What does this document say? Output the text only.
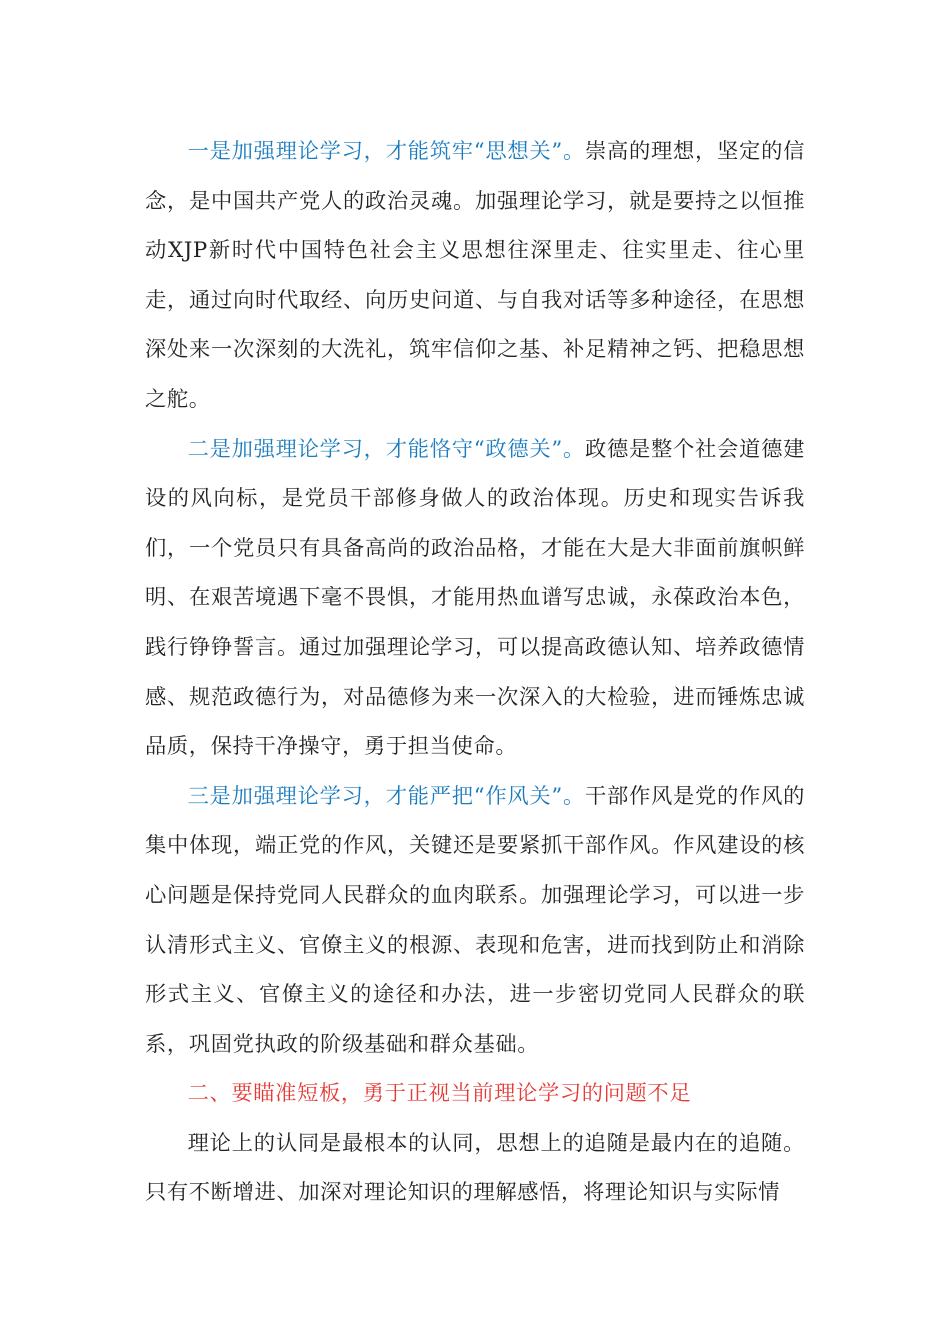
一是加强理论学习，才能筑牢“思想关”。崇高的理想，坚定的信念，是中国共产党人的政治灵魂。加强理论学习，就是要持之以恒推动XJP新时代中国特色社会主义思想往深里走、往实里走、往心里走，通过向时代取经、向历史问道、与自我对话等多种途径，在思想深处来一次深刻的大洗礼，筑牢信仰之基、补足精神之钙、把稳思想之舵。

二是加强理论学习，才能恪守“政德关”。政德是整个社会道德建设的风向标，是党员干部修身做人的政治体现。历史和现实告诉我们，一个党员只有具备高尚的政治品格，才能在大是大非面前旗帜鲜明、在艰苦境遇下毫不畏惧，才能用热血谱写忠诚，永葆政治本色，践行铮铮誓言。通过加强理论学习，可以提高政德认知、培养政德情感、规范政德行为，对品德修为来一次深入的大检验，进而锤炼忠诚品质，保持干净操守，勇于担当使命。

三是加强理论学习，才能严把“作风关”。干部作风是党的作风的集中体现，端正党的作风，关键还是要紧抓干部作风。作风建设的核心问题是保持党同人民群众的血肉联系。加强理论学习，可以进一步认清形式主义、官僚主义的根源、表现和危害，进而找到防止和消除形式主义、官僚主义的途径和办法，进一步密切党同人民群众的联系，巩固党执政的阶级基础和群众基础。

二、要瞄准短板，勇于正视当前理论学习的问题不足

理论上的认同是最根本的认同，思想上的追随是最内在的追随。只有不断增进、加深对理论知识的理解感悟，将理论知识与实际情
